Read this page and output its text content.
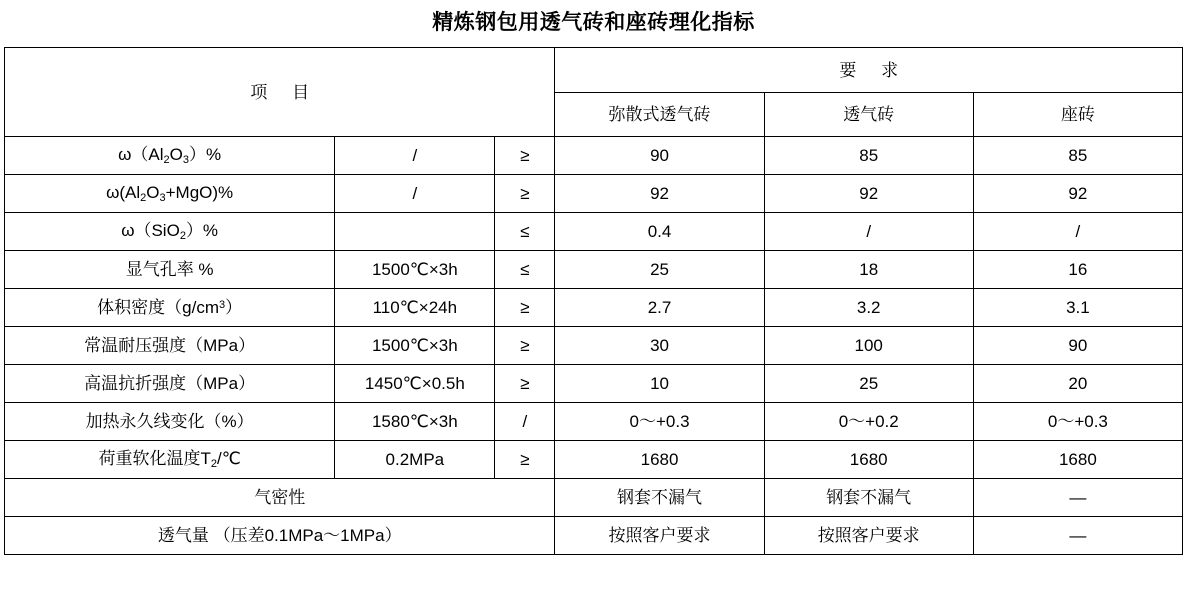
精炼钢包用透气砖和座砖理化指标
项 目			要 求		
			弥散式透气砖	透气砖	座砖
$\omega(Al_2O_3)\%$	/	≥	90	85	85
$\omega(Al_2O_3+MgO)\%$	/	≥	92	92	92
ω（SiO$_2$）%		≤	0.4	/	/
显气孔率 %	1500℃×3h	≤	25	18	16
体积密度$(g/cm^3)$	110℃×24h	≥	2.7	3.2	3.1
常温耐压强度（MPa）	1500℃×3h	≥	30	100	90
高温抗折强度（MPa）	1450℃×0.5h	≥	10	25	20
加热永久线变化（%）	1580℃×3h	/	0～+0.3	0～+0.2	0～+0.3
荷重软化温度$T_2/℃$	0.2MPa	≥	1680	1680	1680
气密性			钢套不漏气	钢套不漏气	—
透气量 （压差0.1MPa～1MPa）			按照客户要求	按照客户要求	—
